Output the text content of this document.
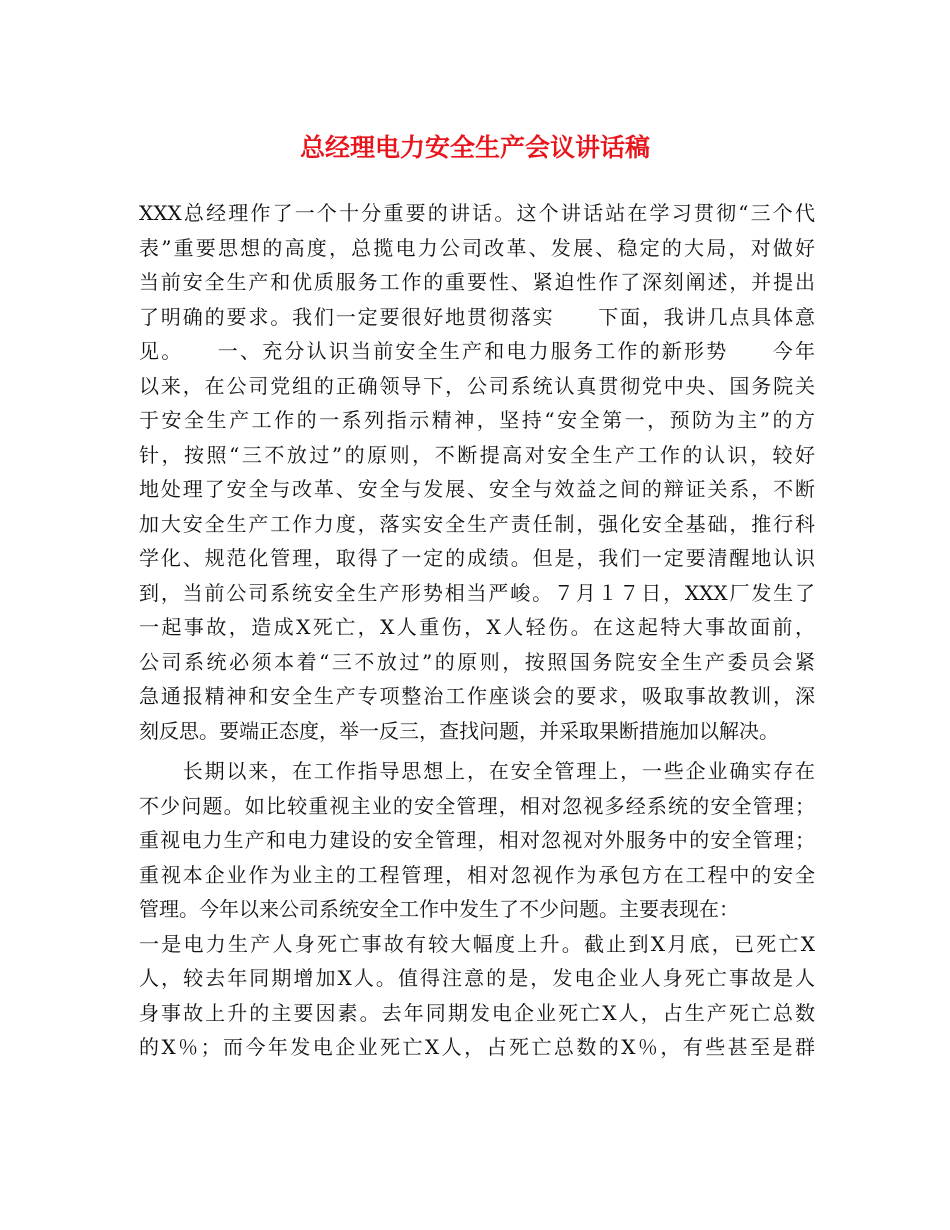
总经理电力安全生产会议讲话稿
XXX总经理作了一个十分重要的讲话。这个讲话站在学习贯彻“三个代
表”重要思想的高度，总揽电力公司改革、发展、稳定的大局，对做好
当前安全生产和优质服务工作的重要性、紧迫性作了深刻阐述，并提出
了明确的要求。我们一定要很好地贯彻落实　　下面，我讲几点具体意
见。　　一、充分认识当前安全生产和电力服务工作的新形势　　今年
以来，在公司党组的正确领导下，公司系统认真贯彻党中央、国务院关
于安全生产工作的一系列指示精神，坚持“安全第一，预防为主”的方
针，按照“三不放过”的原则，不断提高对安全生产工作的认识，较好
地处理了安全与改革、安全与发展、安全与效益之间的辩证关系，不断
加大安全生产工作力度，落实安全生产责任制，强化安全基础，推行科
学化、规范化管理，取得了一定的成绩。但是，我们一定要清醒地认识
到，当前公司系统安全生产形势相当严峻。７月１７日，XXX厂发生了
一起事故，造成X死亡，X人重伤，X人轻伤。在这起特大事故面前，
公司系统必须本着“三不放过”的原则，按照国务院安全生产委员会紧
急通报精神和安全生产专项整治工作座谈会的要求，吸取事故教训，深
刻反思。要端正态度，举一反三，查找问题，并采取果断措施加以解决。
　　长期以来，在工作指导思想上，在安全管理上，一些企业确实存在
不少问题。如比较重视主业的安全管理，相对忽视多经系统的安全管理；
重视电力生产和电力建设的安全管理，相对忽视对外服务中的安全管理；
重视本企业作为业主的工程管理，相对忽视作为承包方在工程中的安全
管理。今年以来公司系统安全工作中发生了不少问题。主要表现在：
一是电力生产人身死亡事故有较大幅度上升。截止到X月底，已死亡X
人，较去年同期增加X人。值得注意的是，发电企业人身死亡事故是人
身事故上升的主要因素。去年同期发电企业死亡X人，占生产死亡总数
的X％；而今年发电企业死亡X人，占死亡总数的X％，有些甚至是群
